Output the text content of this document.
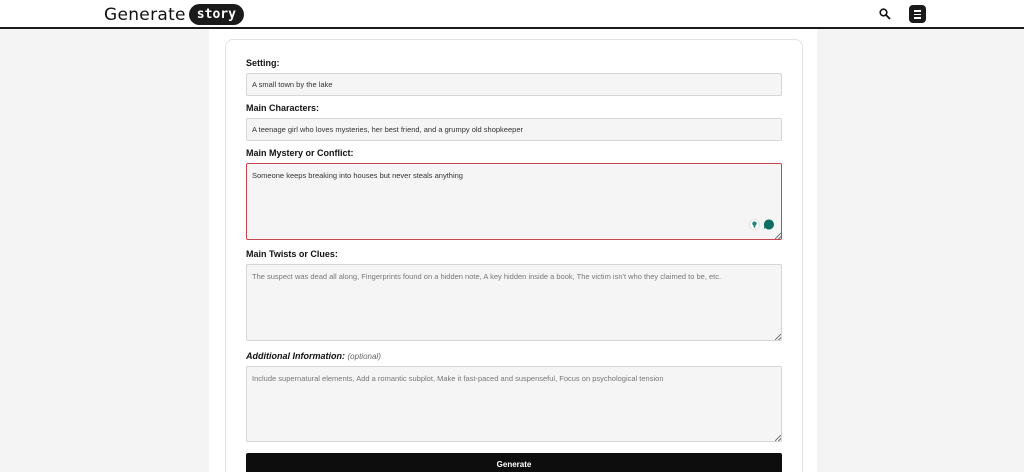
Generate story
Setting:
A small town by the lake
Main Characters:
A teenage girl who loves mysteries, her best friend, and a grumpy old shopkeeper
Main Mystery or Conflict:
Someone keeps breaking into houses but never steals anything
Main Twists or Clues:
The suspect was dead all along, Fingerprints found on a hidden note, A key hidden inside a book, The victim isn't who they claimed to be, etc.
Additional Information: (optional)
Include supernatural elements, Add a romantic subplot, Make it fast-paced and suspenseful, Focus on psychological tension
Generate
